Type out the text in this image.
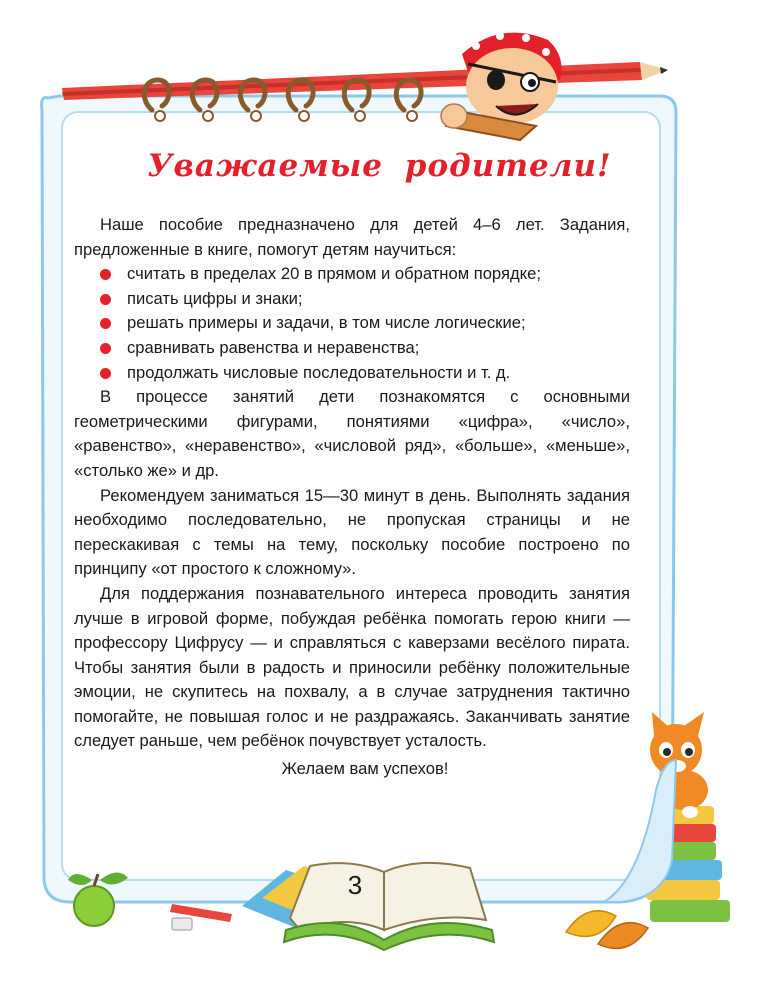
Уважаемые родители!

Наше пособие предназначено для детей 4–6 лет. Задания, предложенные в книге, помогут детям научиться:

считать в пределах 20 в прямом и обратном порядке;
писать цифры и знаки;
решать примеры и задачи, в том числе логические;
сравнивать равенства и неравенства;
продолжать числовые последовательности и т. д.

В процессе занятий дети познакомятся с основными геометрическими фигурами, понятиями «цифра», «число», «равенство», «неравенство», «числовой ряд», «больше», «меньше», «столько же» и др.

Рекомендуем заниматься 15—30 минут в день. Выполнять задания необходимо последовательно, не пропуская страницы и не перескакивая с темы на тему, поскольку пособие построено по принципу «от простого к сложному».

Для поддержания познавательного интереса проводить занятия лучше в игровой форме, побуждая ребёнка помогать герою книги — профессору Цифрусу — и справляться с каверзами весёлого пирата. Чтобы занятия были в радость и приносили ребёнку положительные эмоции, не скупитесь на похвалу, а в случае затруднения тактично помогайте, не повышая голос и не раздражаясь. Заканчивать занятие следует раньше, чем ребёнок почувствует усталость.

Желаем вам успехов!

3
